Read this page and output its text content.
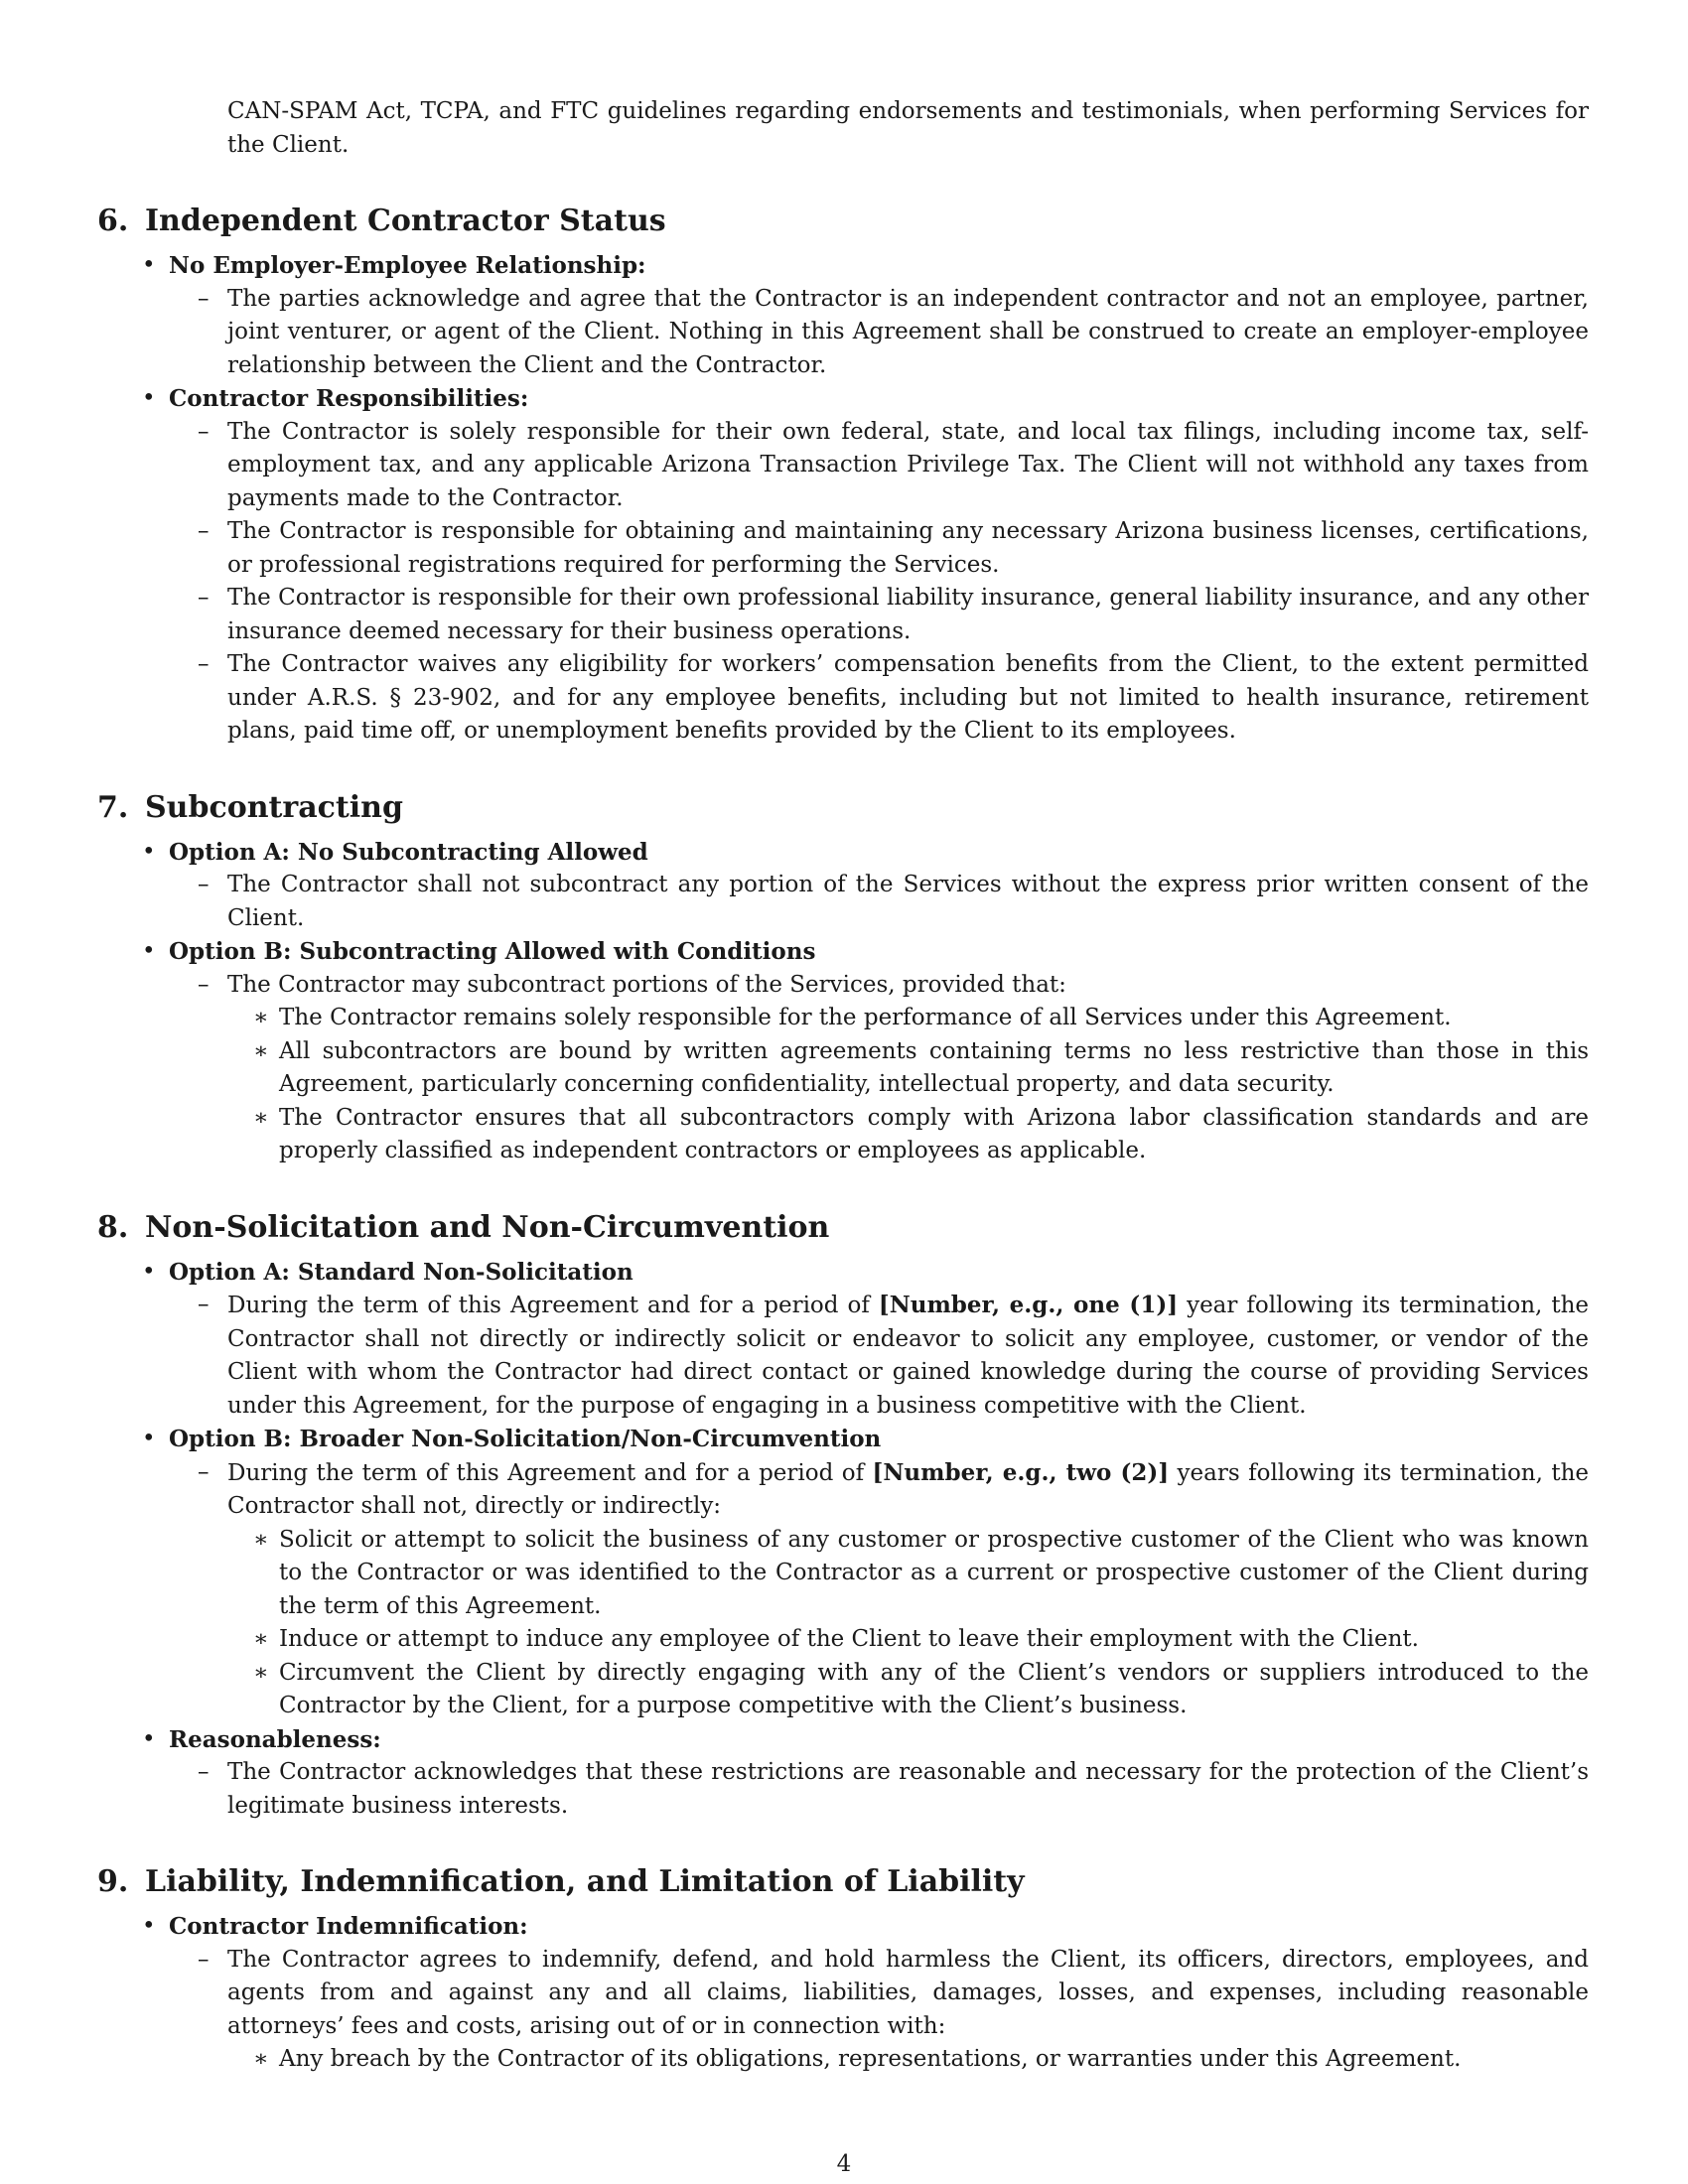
CAN-SPAM Act, TCPA, and FTC guidelines regarding endorsements and testimonials, when performing Services for the Client.
6. Independent Contractor Status
• No Employer-Employee Relationship:
– The parties acknowledge and agree that the Contractor is an independent contractor and not an employee, partner, joint venturer, or agent of the Client. Nothing in this Agreement shall be construed to create an employer-employee relationship between the Client and the Contractor.
• Contractor Responsibilities:
– The Contractor is solely responsible for their own federal, state, and local tax filings, including income tax, self-employment tax, and any applicable Arizona Transaction Privilege Tax. The Client will not withhold any taxes from payments made to the Contractor.
– The Contractor is responsible for obtaining and maintaining any necessary Arizona business licenses, certifications, or professional registrations required for performing the Services.
– The Contractor is responsible for their own professional liability insurance, general liability insurance, and any other insurance deemed necessary for their business operations.
– The Contractor waives any eligibility for workers’ compensation benefits from the Client, to the extent permitted under A.R.S. § 23-902, and for any employee benefits, including but not limited to health insurance, retirement plans, paid time off, or unemployment benefits provided by the Client to its employees.
7. Subcontracting
• Option A: No Subcontracting Allowed
– The Contractor shall not subcontract any portion of the Services without the express prior written consent of the Client.
• Option B: Subcontracting Allowed with Conditions
– The Contractor may subcontract portions of the Services, provided that:
∗ The Contractor remains solely responsible for the performance of all Services under this Agreement.
∗ All subcontractors are bound by written agreements containing terms no less restrictive than those in this Agreement, particularly concerning confidentiality, intellectual property, and data security.
∗ The Contractor ensures that all subcontractors comply with Arizona labor classification standards and are properly classified as independent contractors or employees as applicable.
8. Non-Solicitation and Non-Circumvention
• Option A: Standard Non-Solicitation
– During the term of this Agreement and for a period of [Number, e.g., one (1)] year following its termination, the Contractor shall not directly or indirectly solicit or endeavor to solicit any employee, customer, or vendor of the Client with whom the Contractor had direct contact or gained knowledge during the course of providing Services under this Agreement, for the purpose of engaging in a business competitive with the Client.
• Option B: Broader Non-Solicitation/Non-Circumvention
– During the term of this Agreement and for a period of [Number, e.g., two (2)] years following its termination, the Contractor shall not, directly or indirectly:
∗ Solicit or attempt to solicit the business of any customer or prospective customer of the Client who was known to the Contractor or was identified to the Contractor as a current or prospective customer of the Client during the term of this Agreement.
∗ Induce or attempt to induce any employee of the Client to leave their employment with the Client.
∗ Circumvent the Client by directly engaging with any of the Client’s vendors or suppliers introduced to the Contractor by the Client, for a purpose competitive with the Client’s business.
• Reasonableness:
– The Contractor acknowledges that these restrictions are reasonable and necessary for the protection of the Client’s legitimate business interests.
9. Liability, Indemnification, and Limitation of Liability
• Contractor Indemnification:
– The Contractor agrees to indemnify, defend, and hold harmless the Client, its officers, directors, employees, and agents from and against any and all claims, liabilities, damages, losses, and expenses, including reasonable attorneys’ fees and costs, arising out of or in connection with:
∗ Any breach by the Contractor of its obligations, representations, or warranties under this Agreement.
4
